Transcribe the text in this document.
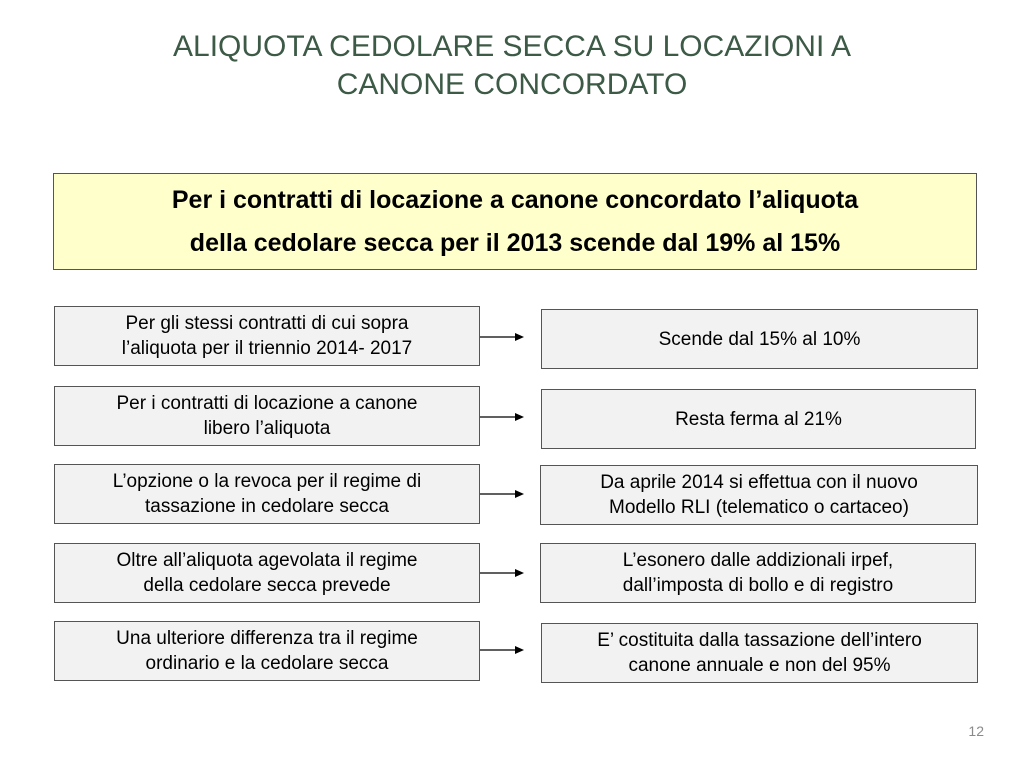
ALIQUOTA CEDOLARE SECCA SU LOCAZIONI A
CANONE CONCORDATO
Per i contratti di locazione a canone concordato l’aliquota
della cedolare secca per il 2013 scende dal 19% al 15%
Per gli stessi contratti di cui sopra
l’aliquota per il triennio 2014- 2017	Scende dal 15% al 10%
Per i contratti di locazione a canone
libero l’aliquota	Resta ferma al 21%
L’opzione o la revoca per il regime di
tassazione in cedolare secca
Da aprile 2014 si effettua con il nuovo
Modello RLI (telematico o cartaceo)
Oltre all’aliquota agevolata il regime
della cedolare secca prevede
L’esonero dalle addizionali irpef,
dall’imposta di bollo e di registro
Una ulteriore differenza tra il regime
ordinario e la cedolare secca
E’ costituita dalla tassazione dell’intero
canone annuale e non del 95%
12
